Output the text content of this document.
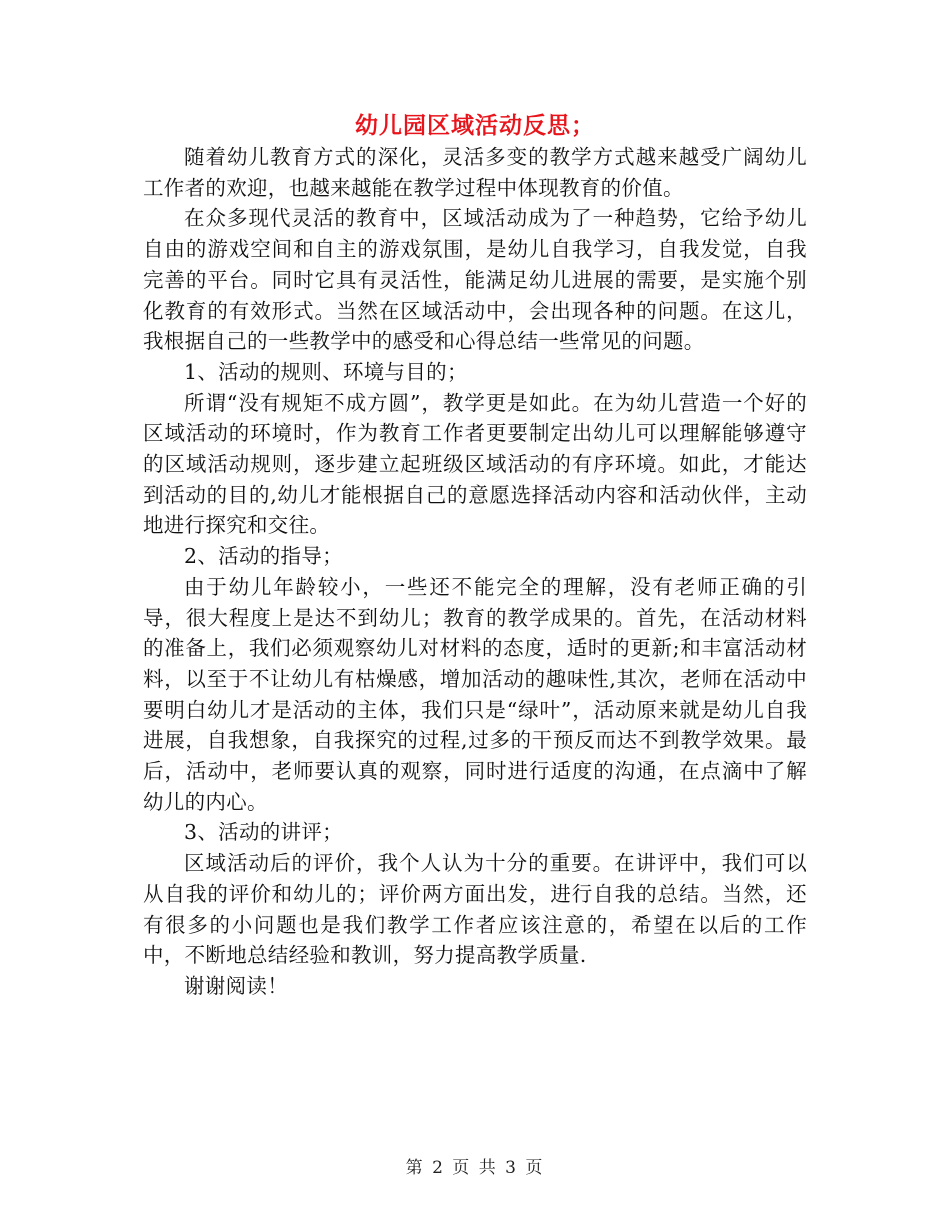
幼儿园区域活动反思；

随着幼儿教育方式的深化，灵活多变的教学方式越来越受广阔幼儿工作者的欢迎，也越来越能在教学过程中体现教育的价值。

在众多现代灵活的教育中，区域活动成为了一种趋势，它给予幼儿自由的游戏空间和自主的游戏氛围，是幼儿自我学习，自我发觉，自我完善的平台。同时它具有灵活性，能满足幼儿进展的需要，是实施个别化教育的有效形式。当然在区域活动中，会出现各种的问题。在这儿，我根据自己的一些教学中的感受和心得总结一些常见的问题。

1、活动的规则、环境与目的；

所谓“没有规矩不成方圆”，教学更是如此。在为幼儿营造一个好的区域活动的环境时，作为教育工作者更要制定出幼儿可以理解能够遵守的区域活动规则，逐步建立起班级区域活动的有序环境。如此，才能达到活动的目的,幼儿才能根据自己的意愿选择活动内容和活动伙伴，主动地进行探究和交往。

2、活动的指导；

由于幼儿年龄较小，一些还不能完全的理解，没有老师正确的引导，很大程度上是达不到幼儿；教育的教学成果的。首先，在活动材料的准备上，我们必须观察幼儿对材料的态度，适时的更新;和丰富活动材料，以至于不让幼儿有枯燥感，增加活动的趣味性,其次，老师在活动中要明白幼儿才是活动的主体，我们只是“绿叶”，活动原来就是幼儿自我进展，自我想象，自我探究的过程,过多的干预反而达不到教学效果。最后，活动中，老师要认真的观察，同时进行适度的沟通，在点滴中了解幼儿的内心。

3、活动的讲评；

区域活动后的评价，我个人认为十分的重要。在讲评中，我们可以从自我的评价和幼儿的；评价两方面出发，进行自我的总结。当然，还有很多的小问题也是我们教学工作者应该注意的，希望在以后的工作中，不断地总结经验和教训，努力提高教学质量.

谢谢阅读！

第 2 页 共 3 页
